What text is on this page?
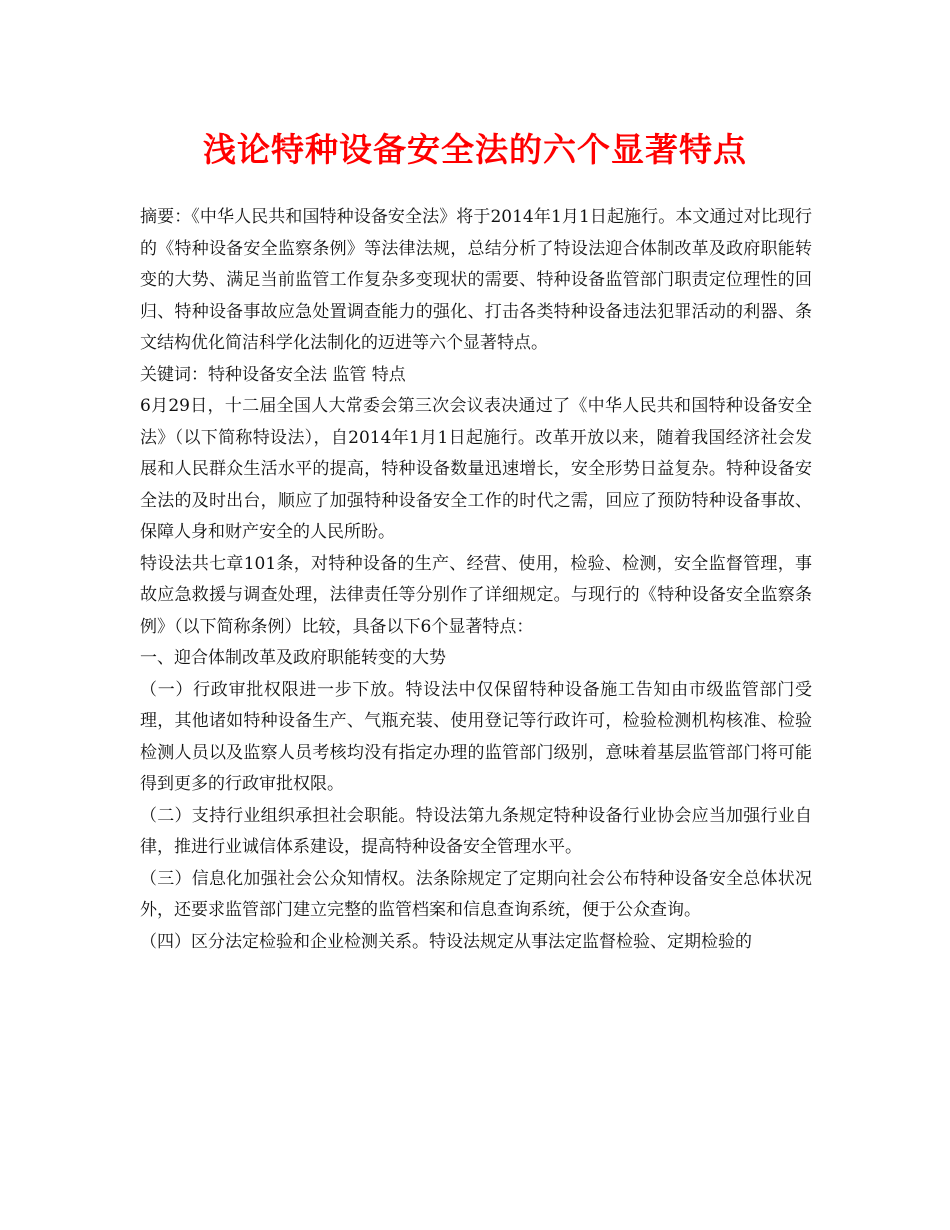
浅论特种设备安全法的六个显著特点

摘要：《中华人民共和国特种设备安全法》将于2014年1月1日起施行。本文通过对比现行的《特种设备安全监察条例》等法律法规，总结分析了特设法迎合体制改革及政府职能转变的大势、满足当前监管工作复杂多变现状的需要、特种设备监管部门职责定位理性的回归、特种设备事故应急处置调查能力的强化、打击各类特种设备违法犯罪活动的利器、条文结构优化简洁科学化法制化的迈进等六个显著特点。

关键词：特种设备安全法 监管 特点

6月29日，十二届全国人大常委会第三次会议表决通过了《中华人民共和国特种设备安全法》（以下简称特设法），自2014年1月1日起施行。改革开放以来，随着我国经济社会发展和人民群众生活水平的提高，特种设备数量迅速增长，安全形势日益复杂。特种设备安全法的及时出台，顺应了加强特种设备安全工作的时代之需，回应了预防特种设备事故、保障人身和财产安全的人民所盼。

特设法共七章101条，对特种设备的生产、经营、使用，检验、检测，安全监督管理，事故应急救援与调查处理，法律责任等分别作了详细规定。与现行的《特种设备安全监察条例》（以下简称条例）比较，具备以下6个显著特点：

一、迎合体制改革及政府职能转变的大势

（一）行政审批权限进一步下放。特设法中仅保留特种设备施工告知由市级监管部门受理，其他诸如特种设备生产、气瓶充装、使用登记等行政许可，检验检测机构核准、检验检测人员以及监察人员考核均没有指定办理的监管部门级别，意味着基层监管部门将可能得到更多的行政审批权限。

（二）支持行业组织承担社会职能。特设法第九条规定特种设备行业协会应当加强行业自律，推进行业诚信体系建设，提高特种设备安全管理水平。

（三）信息化加强社会公众知情权。法条除规定了定期向社会公布特种设备安全总体状况外，还要求监管部门建立完整的监管档案和信息查询系统，便于公众查询。

（四）区分法定检验和企业检测关系。特设法规定从事法定监督检验、定期检验的
